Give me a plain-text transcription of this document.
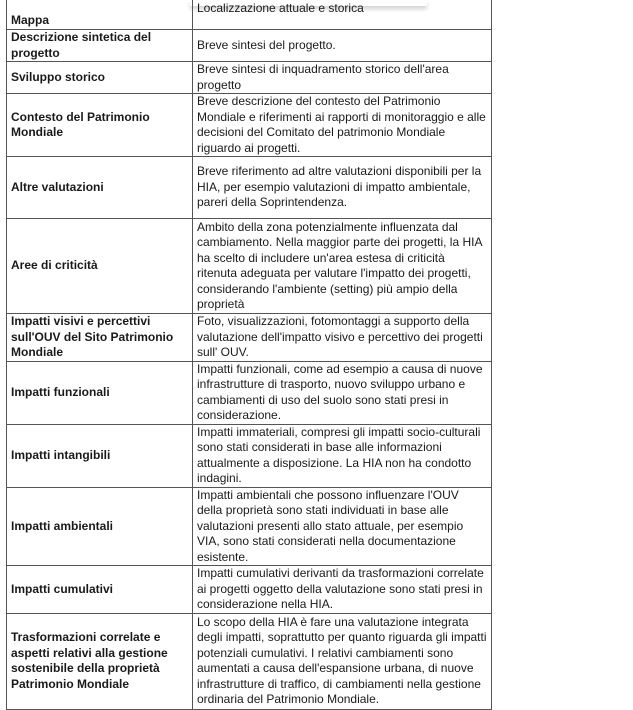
Mappa	Localizzazione attuale e storica
Descrizione sintetica del progetto	Breve sintesi del progetto.
Sviluppo storico	Breve sintesi di inquadramento storico dell'area progetto
Contesto del Patrimonio Mondiale	Breve descrizione del contesto del Patrimonio Mondiale e riferimenti ai rapporti di monitoraggio e alle decisioni del Comitato del patrimonio Mondiale riguardo ai progetti.
Altre valutazioni	Breve riferimento ad altre valutazioni disponibili per la HIA, per esempio valutazioni di impatto ambientale, pareri della Soprintendenza.
Aree di criticità	Ambito della zona potenzialmente influenzata dal cambiamento. Nella maggior parte dei progetti, la HIA ha scelto di includere un'area estesa di criticità ritenuta adeguata per valutare l'impatto dei progetti, considerando l'ambiente (setting) più ampio della proprietà
Impatti visivi e percettivi sull'OUV del Sito Patrimonio Mondiale	Foto, visualizzazioni, fotomontaggi a supporto della valutazione dell'impatto visivo e percettivo dei progetti sull' OUV.
Impatti funzionali	Impatti funzionali, come ad esempio a causa di nuove infrastrutture di trasporto, nuovo sviluppo urbano e cambiamenti di uso del suolo sono stati presi in considerazione.
Impatti intangibili	Impatti immateriali, compresi gli impatti socio-culturali sono stati considerati in base alle informazioni attualmente a disposizione. La HIA non ha condotto indagini.
Impatti ambientali	Impatti ambientali che possono influenzare l'OUV della proprietà sono stati individuati in base alle valutazioni presenti allo stato attuale, per esempio VIA, sono stati considerati nella documentazione esistente.
Impatti cumulativi	Impatti cumulativi derivanti da trasformazioni correlate ai progetti oggetto della valutazione sono stati presi in considerazione nella HIA.
Trasformazioni correlate e aspetti relativi alla gestione sostenibile della proprietà Patrimonio Mondiale	Lo scopo della HIA è fare una valutazione integrata degli impatti, soprattutto per quanto riguarda gli impatti potenziali cumulativi. I relativi cambiamenti sono aumentati a causa dell'espansione urbana, di nuove infrastrutture di traffico, di cambiamenti nella gestione ordinaria del Patrimonio Mondiale.
